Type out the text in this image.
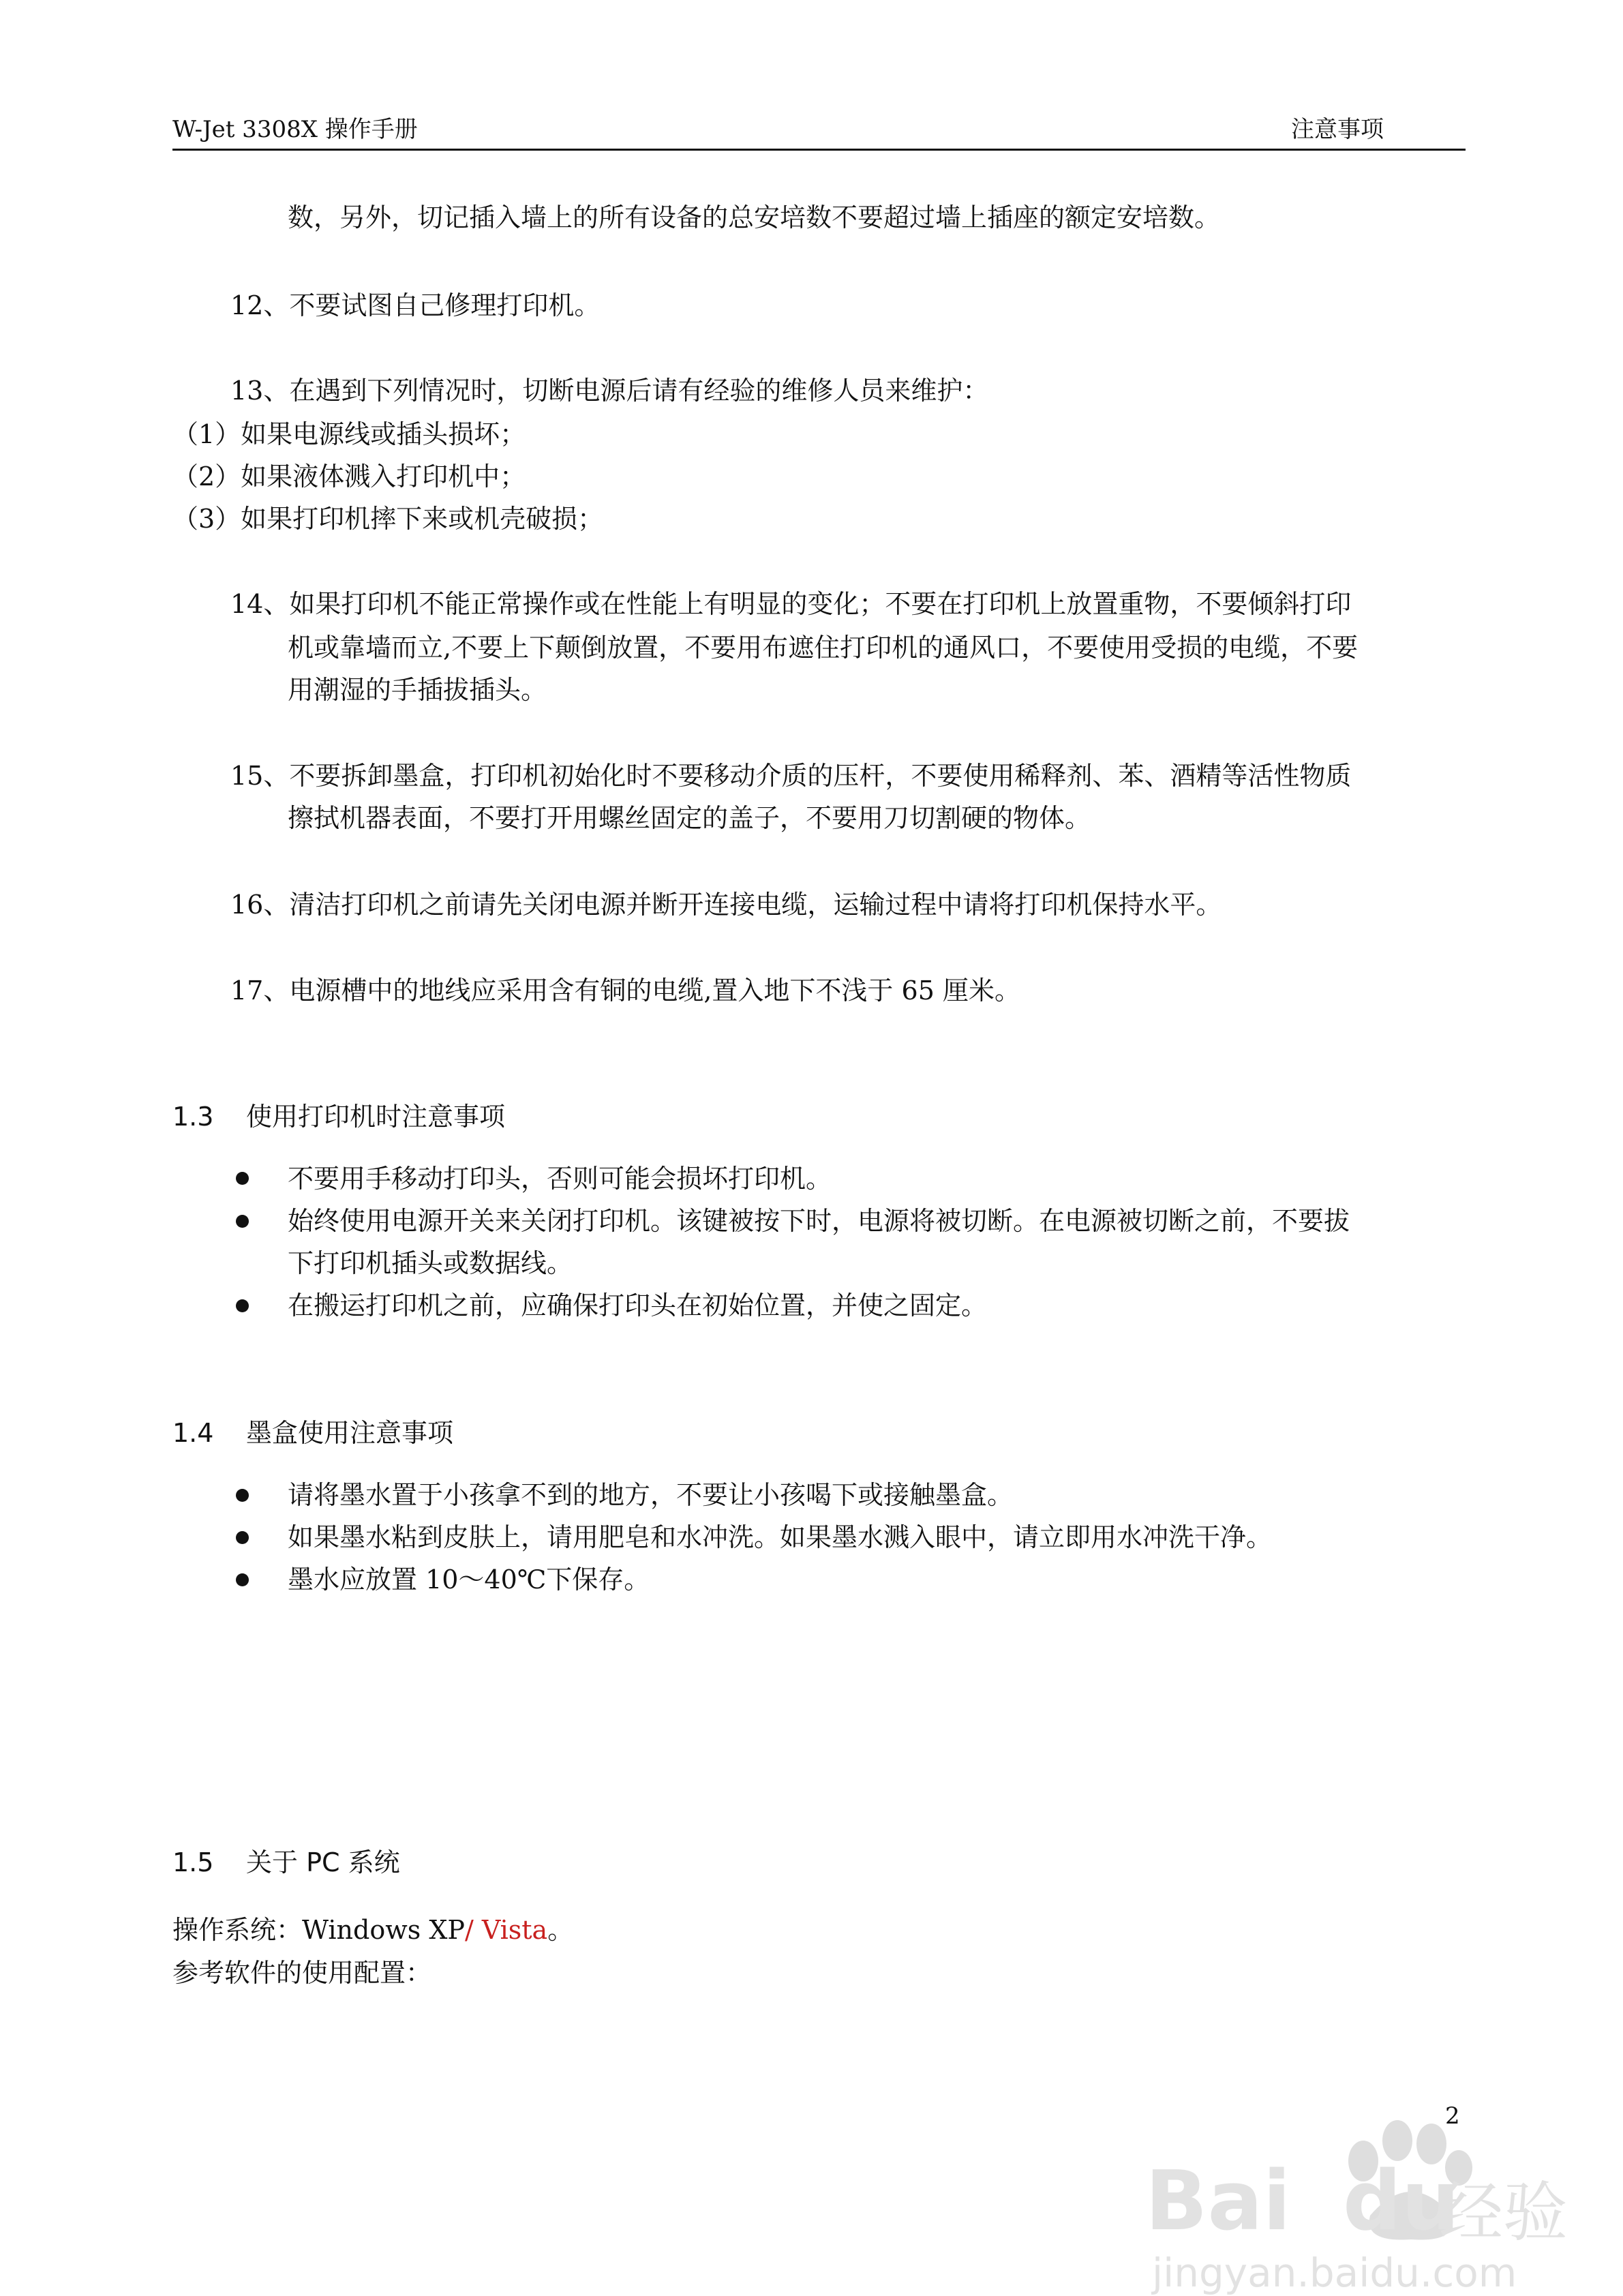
W-Jet 3308X 操作手册	注意事项
数，另外，切记插入墙上的所有设备的总安培数不要超过墙上插座的额定安培数。
12、不要试图自己修理打印机。
13、在遇到下列情况时，切断电源后请有经验的维修人员来维护：
（1）如果电源线或插头损坏；
（2）如果液体溅入打印机中；
（3）如果打印机摔下来或机壳破损；
14、如果打印机不能正常操作或在性能上有明显的变化；不要在打印机上放置重物，不要倾斜打印
机或靠墙而立,不要上下颠倒放置，不要用布遮住打印机的通风口，不要使用受损的电缆，不要
用潮湿的手插拔插头。
15、不要拆卸墨盒，打印机初始化时不要移动介质的压杆，不要使用稀释剂、苯、酒精等活性物质
擦拭机器表面，不要打开用螺丝固定的盖子，不要用刀切割硬的物体。
16、清洁打印机之前请先关闭电源并断开连接电缆，运输过程中请将打印机保持水平。
17、电源槽中的地线应采用含有铜的电缆,置入地下不浅于 65 厘米。
1.3 使用打印机时注意事项
不要用手移动打印头，否则可能会损坏打印机。
始终使用电源开关来关闭打印机。该键被按下时，电源将被切断。在电源被切断之前，不要拔
下打印机插头或数据线。
在搬运打印机之前，应确保打印头在初始位置，并使之固定。
1.4 墨盒使用注意事项
请将墨水置于小孩拿不到的地方，不要让小孩喝下或接触墨盒。
如果墨水粘到皮肤上，请用肥皂和水冲洗。如果墨水溅入眼中，请立即用水冲洗干净。
墨水应放置 10～40℃下保存。
1.5 关于 PC 系统
操作系统：Windows XP/ Vista。
参考软件的使用配置：
Bai du
经验
jingyan.baidu.com
2
